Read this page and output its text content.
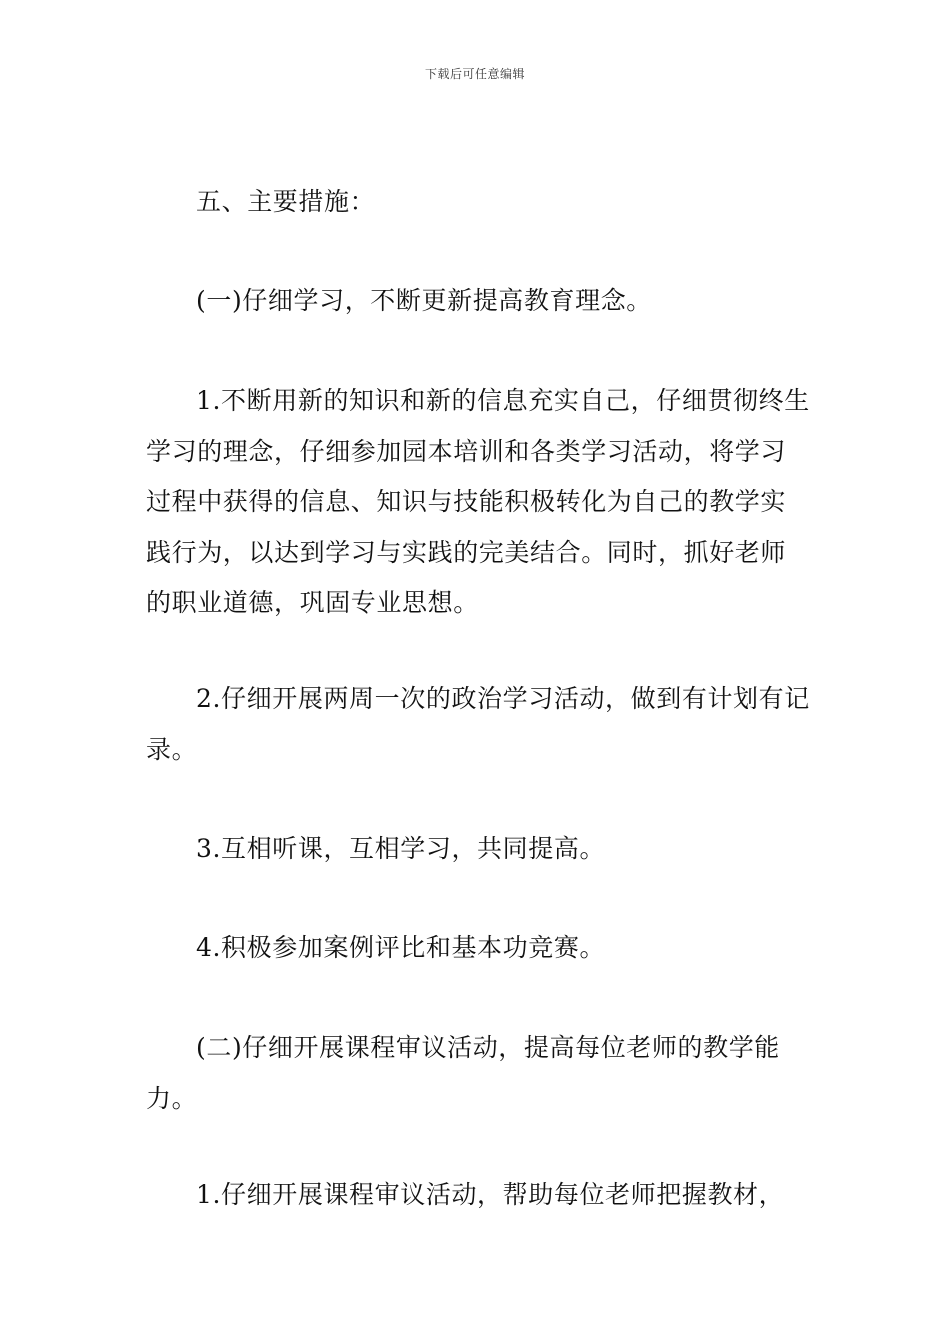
下载后可任意编辑

五、主要措施：

(一)仔细学习，不断更新提高教育理念。

1.不断用新的知识和新的信息充实自己，仔细贯彻终生学习的理念，仔细参加园本培训和各类学习活动，将学习过程中获得的信息、知识与技能积极转化为自己的教学实践行为，以达到学习与实践的完美结合。同时，抓好老师的职业道德，巩固专业思想。

2.仔细开展两周一次的政治学习活动，做到有计划有记录。

3.互相听课，互相学习，共同提高。

4.积极参加案例评比和基本功竞赛。

(二)仔细开展课程审议活动，提高每位老师的教学能力。

1.仔细开展课程审议活动，帮助每位老师把握教材，
